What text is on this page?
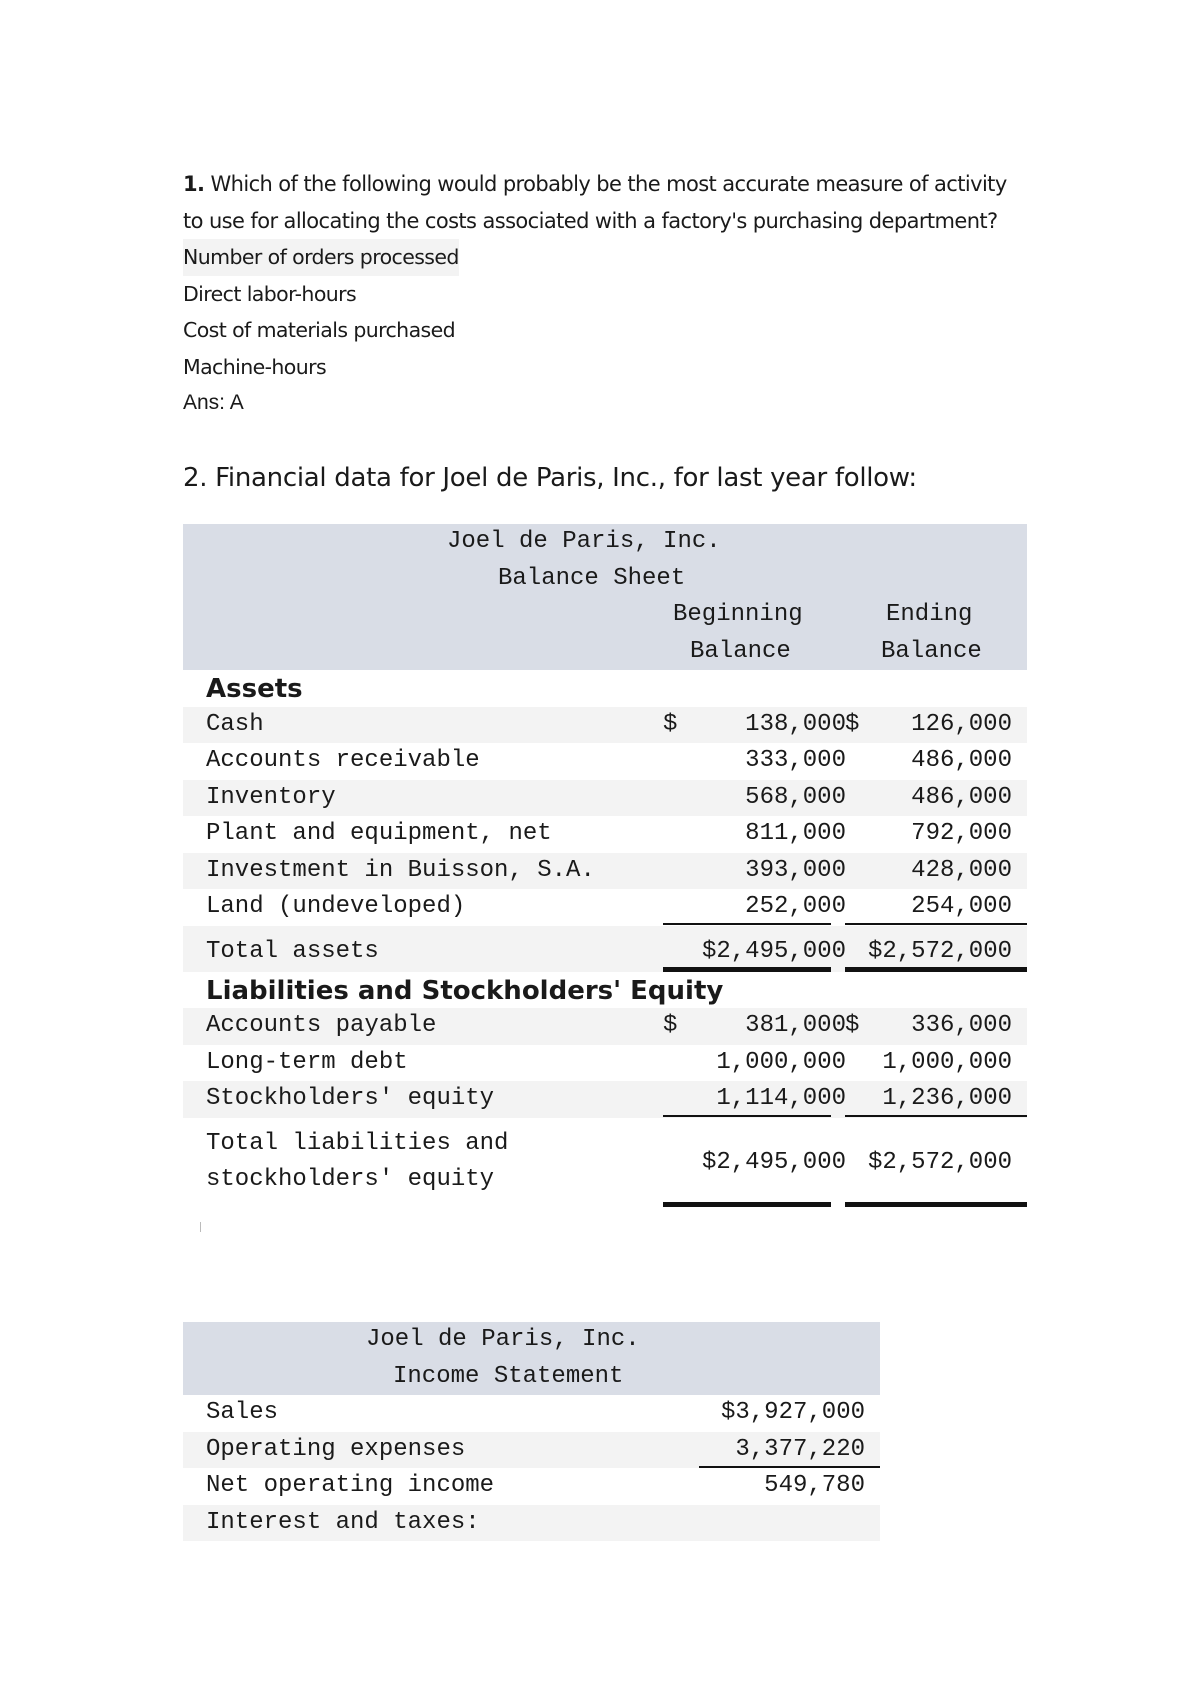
1. Which of the following would probably be the most accurate measure of activity to use for allocating the costs associated with a factory's purchasing department?

Number of orders processed
Direct labor-hours
Cost of materials purchased
Machine-hours
Ans: A
2. Financial data for Joel de Paris, Inc., for last year follow:
Joel de Paris, Inc.
Balance Sheet
Beginning
Balance
Ending
Balance
Assets
Cash	$	138,000 $ 126,000
Accounts receivable	333,000	486,000
Inventory	568,000	486,000
Plant and equipment, net	811,000	792,000
Investment in Buisson, S.A.	393,000	428,000
Land (undeveloped)	252,000	254,000
Total assets	$2,495,000 $2,572,000
Liabilities and Stockholders' Equity
Accounts payable	$	381,000 $ 336,000
Long-term debt	1,000,000 1,000,000
Stockholders' equity	1,114,000 1,236,000
Total liabilities and
stockholders' equity
$2,495,000 $2,572,000
Joel de Paris, Inc.
Income Statement
Sales	$3,927,000
Operating expenses	3,377,220
Net operating income	549,780
Interest and taxes:
